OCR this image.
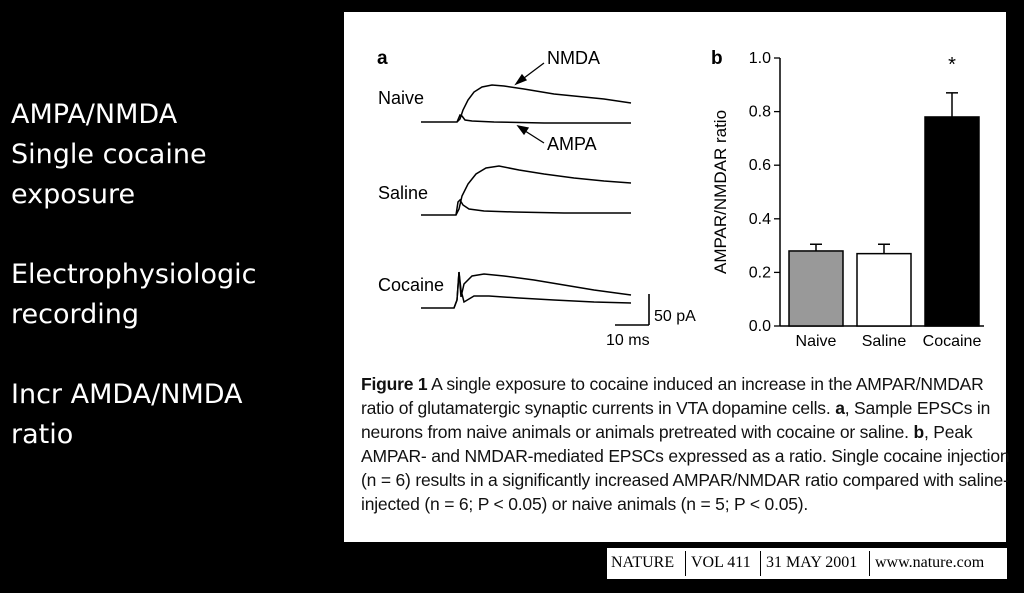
AMPA/NMDA
Single cocaine
exposure
Electrophysiologic
recording
Incr AMDA/NMDA
ratio
a
Naive
Saline
Cocaine
NMDA
AMPA
50 pA
10 ms
b
0.0
0.2
0.4
0.6
0.8
1.0
AMPAR/NMDAR ratio
Naive Saline Cocaine
*
Figure 1 A single exposure to cocaine induced an increase in the AMPAR/NMDAR ratio of glutamatergic synaptic currents in VTA dopamine cells. a, Sample EPSCs in neurons from naive animals or animals pretreated with cocaine or saline. b, Peak AMPAR- and NMDAR-mediated EPSCs expressed as a ratio. Single cocaine injection (n = 6) results in a significantly increased AMPAR/NMDAR ratio compared with saline-injected (n = 6; P < 0.05) or naive animals (n = 5; P < 0.05).
NATURE VOL 411 31 MAY 2001 www.nature.com
